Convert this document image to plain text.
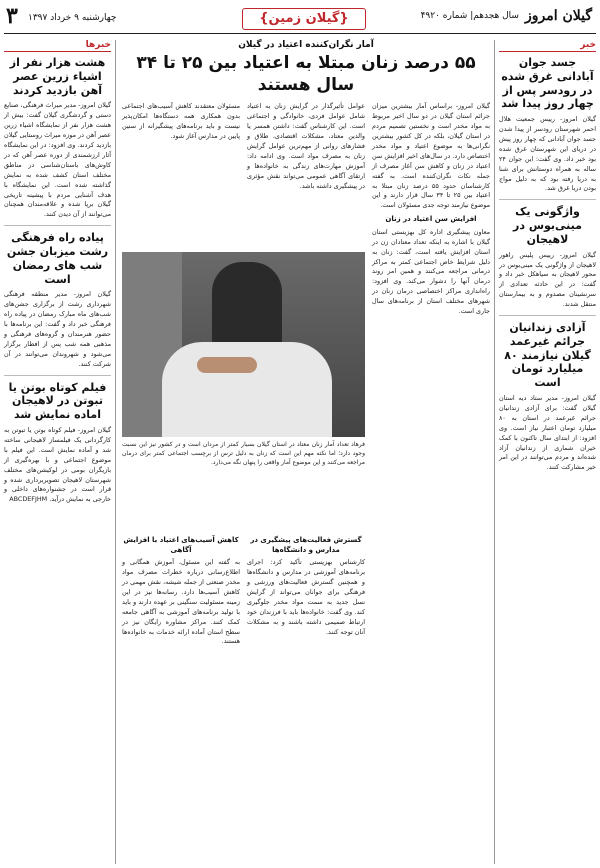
۳ چهارشنبه ۹ خرداد ۱۳۹۷	{گیلان زمین}	گیلان امروز
سال هجدهم| شماره ۴۹۲۰
خبر
جسد جوان آبادانی غرق شده در رودسر پس از چهار روز پیدا شد
گیلان امروز- رییس جمعیت هلال احمر شهرستان رودسر از پیدا شدن جسد جوان آبادانی که چهار روز پیش در دریای این شهرستان غرق شده بود خبر داد. وی گفت: این جوان ۲۴ ساله به همراه دوستانش برای شنا به دریا رفته بود که به دلیل مواج بودن دریا غرق شد.
واژگونی یک مینی‌بوس در لاهیجان
گیلان امروز- رییس پلیس راهور لاهیجان از واژگونی یک مینی‌بوس در محور لاهیجان به سیاهکل خبر داد و گفت: در این حادثه تعدادی از سرنشینان مصدوم و به بیمارستان منتقل شدند.
آزادی زندانیان جرائم غیرعمد گیلان نیازمند ۸۰ میلیارد تومان است
گیلان امروز- مدیر ستاد دیه استان گیلان گفت: برای آزادی زندانیان جرائم غیرعمد در استان به ۸۰ میلیارد تومان اعتبار نیاز است. وی افزود: از ابتدای سال تاکنون با کمک خیران شماری از زندانیان آزاد شده‌اند و مردم می‌توانند در این امر خیر مشارکت کنند.
خبرها
هشت هزار نفر از اشیاء زرین عصر آهن بازدید کردند
گیلان امروز- مدیر میراث فرهنگی، صنایع دستی و گردشگری گیلان گفت: بیش از هشت هزار نفر از نمایشگاه اشیاء زرین عصر آهن در موزه میراث روستایی گیلان بازدید کردند. وی افزود: در این نمایشگاه آثار ارزشمندی از دوره عصر آهن که در کاوش‌های باستان‌شناسی در مناطق مختلف استان کشف شده به نمایش گذاشته شده است. این نمایشگاه با هدف آشنایی مردم با پیشینه تاریخی گیلان برپا شده و علاقه‌مندان همچنان می‌توانند از آن دیدن کنند.
پیاده راه فرهنگی رشت میزبان جشن شب های رمضان است
گیلان امروز- مدیر منطقه فرهنگی شهرداری رشت از برگزاری جشن‌های شب‌های ماه مبارک رمضان در پیاده راه فرهنگی خبر داد و گفت: این برنامه‌ها با حضور هنرمندان و گروه‌های فرهنگی و مذهبی همه شب پس از افطار برگزار می‌شود و شهروندان می‌توانند در آن شرکت کنند.
فیلم کوتاه بوتن یا تبوتن در لاهیجان اماده نمایش شد
گیلان امروز- فیلم کوتاه بوتن یا تبوتن به کارگردانی یک فیلمساز لاهیجانی ساخته شد و آماده نمایش است. این فیلم با موضوع اجتماعی و با بهره‌گیری از بازیگران بومی در لوکیشن‌های مختلف شهرستان لاهیجان تصویربرداری شده و قرار است در جشنواره‌های داخلی و خارجی به نمایش درآید. ABCDEFJHM
آمار نگران‌کننده اعتیاد در گیلان
۵۵ درصد زنان مبتلا به اعتیاد بین ۲۵ تا ۳۴ سال هستند
گیلان امروز- براساس آمار بیشترین میزان جرائم استان گیلان در دو سال اخیر مربوط به مواد مخدر است و نخستین تصمیم مردم در استان گیلان، بلکه در کل کشور بیشترین نگرانی‌ها به موضوع اعتیاد و مواد مخدر اختصاص دارد. در سال‌های اخیر افزایش سن اعتیاد در زنان و کاهش سن آغاز مصرف از جمله نکات نگران‌کننده است. به گفته کارشناسان حدود ۵۵ درصد زنان مبتلا به اعتیاد بین ۲۵ تا ۳۴ سال قرار دارند و این موضوع نیازمند توجه جدی مسئولان است.
افزایش سن اعتیاد در زنان
معاون پیشگیری اداره کل بهزیستی استان گیلان با اشاره به اینکه تعداد معتادان زن در استان افزایش یافته است، گفت: زنان به دلیل شرایط خاص اجتماعی کمتر به مراکز درمانی مراجعه می‌کنند و همین امر روند درمان آنها را دشوار می‌کند. وی افزود: راه‌اندازی مراکز اختصاصی درمان زنان در شهرهای مختلف استان از برنامه‌های سال جاری است.
عوامل تأثیرگذار در گرایش زنان به اعتیاد شامل عوامل فردی، خانوادگی و اجتماعی است. این کارشناس گفت: داشتن همسر یا والدین معتاد، مشکلات اقتصادی، طلاق و فشارهای روانی از مهم‌ترین عوامل گرایش زنان به مصرف مواد است. وی ادامه داد: آموزش مهارت‌های زندگی به خانواده‌ها و ارتقای آگاهی عمومی می‌تواند نقش مؤثری در پیشگیری داشته باشد.
مسئولان معتقدند کاهش آسیب‌های اجتماعی بدون همکاری همه دستگاه‌ها امکان‌پذیر نیست و باید برنامه‌های پیشگیرانه از سنین پایین در مدارس آغاز شود.
فرهاد تعداد آمار زنان معتاد در استان گیلان بسیار کمتر از مردان است و در کشور نیز این نسبت وجود دارد؛ اما نکته مهم این است که زنان به دلیل ترس از برچسب اجتماعی کمتر برای درمان مراجعه می‌کنند و این موضوع آمار واقعی را پنهان نگه می‌دارد.
گسترش فعالیت‌های پیشگیری در مدارس و دانشگاه‌ها
کارشناس بهزیستی تأکید کرد: اجرای برنامه‌های آموزشی در مدارس و دانشگاه‌ها و همچنین گسترش فعالیت‌های ورزشی و فرهنگی برای جوانان می‌تواند از گرایش نسل جدید به سمت مواد مخدر جلوگیری کند. وی گفت: خانواده‌ها باید با فرزندان خود ارتباط صمیمی داشته باشند و به مشکلات آنان توجه کنند.
کاهش آسیب‌های اعتیاد با افزایش آگاهی
به گفته این مسئول، آموزش همگانی و اطلاع‌رسانی درباره خطرات مصرف مواد مخدر صنعتی از جمله شیشه، نقش مهمی در کاهش آسیب‌ها دارد. رسانه‌ها نیز در این زمینه مسئولیت سنگینی بر عهده دارند و باید با تولید برنامه‌های آموزشی به آگاهی جامعه کمک کنند. مراکز مشاوره رایگان نیز در سطح استان آماده ارائه خدمات به خانواده‌ها هستند.
